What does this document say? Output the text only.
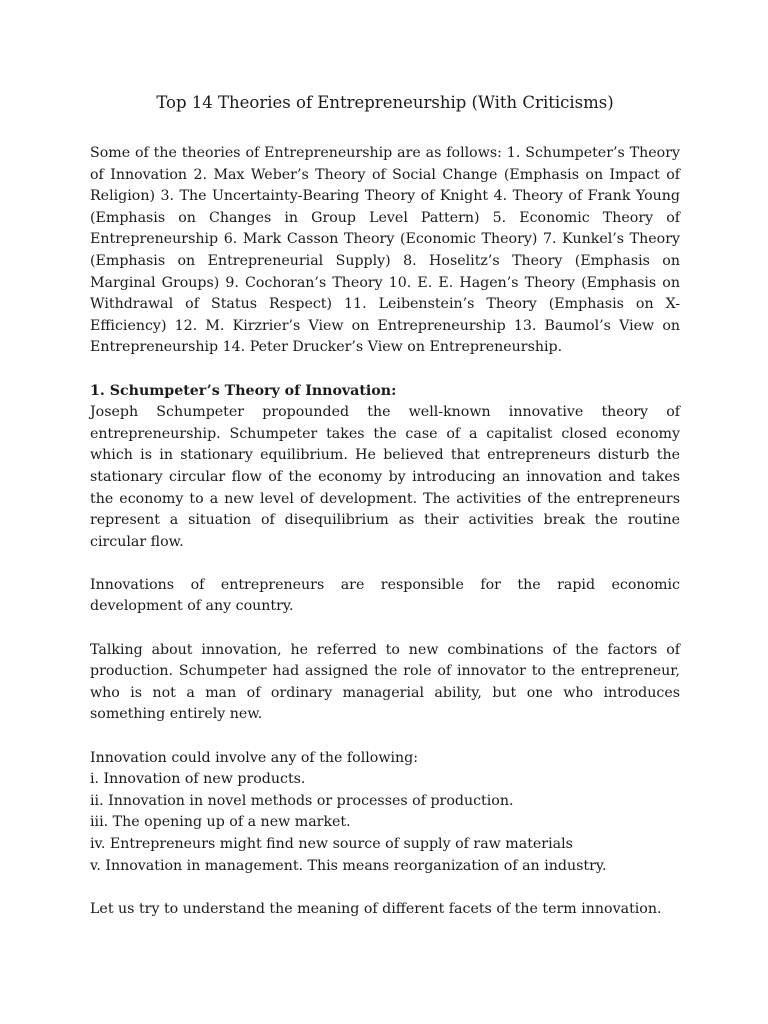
Top 14 Theories of Entrepreneurship (With Criticisms)

Some of the theories of Entrepreneurship are as follows: 1. Schumpeter’s Theory of Innovation 2. Max Weber’s Theory of Social Change (Emphasis on Impact of Religion) 3. The Uncertainty-Bearing Theory of Knight 4. Theory of Frank Young (Emphasis on Changes in Group Level Pattern) 5. Economic Theory of Entrepreneurship 6. Mark Casson Theory (Economic Theory) 7. Kunkel’s Theory (Emphasis on Entrepreneurial Supply) 8. Hoselitz’s Theory (Emphasis on Marginal Groups) 9. Cochoran’s Theory 10. E. E. Hagen’s Theory (Emphasis on Withdrawal of Status Respect) 11. Leibenstein’s Theory (Emphasis on X-Efficiency) 12. M. Kirzrier’s View on Entrepreneurship 13. Baumol’s View on Entrepreneurship 14. Peter Drucker’s View on Entrepreneurship.

1. Schumpeter’s Theory of Innovation:

Joseph Schumpeter propounded the well-known innovative theory of entrepreneurship. Schumpeter takes the case of a capitalist closed economy which is in stationary equilibrium. He believed that entrepreneurs disturb the stationary circular flow of the economy by introducing an innovation and takes the economy to a new level of development. The activities of the entrepreneurs represent a situation of disequilibrium as their activities break the routine circular flow.

Innovations of entrepreneurs are responsible for the rapid economic development of any country.

Talking about innovation, he referred to new combinations of the factors of production. Schumpeter had assigned the role of innovator to the entrepreneur, who is not a man of ordinary managerial ability, but one who introduces something entirely new.

Innovation could involve any of the following:

i. Innovation of new products.
ii. Innovation in novel methods or processes of production.
iii. The opening up of a new market.
iv. Entrepreneurs might find new source of supply of raw materials
v. Innovation in management. This means reorganization of an industry.

Let us try to understand the meaning of different facets of the term innovation.
